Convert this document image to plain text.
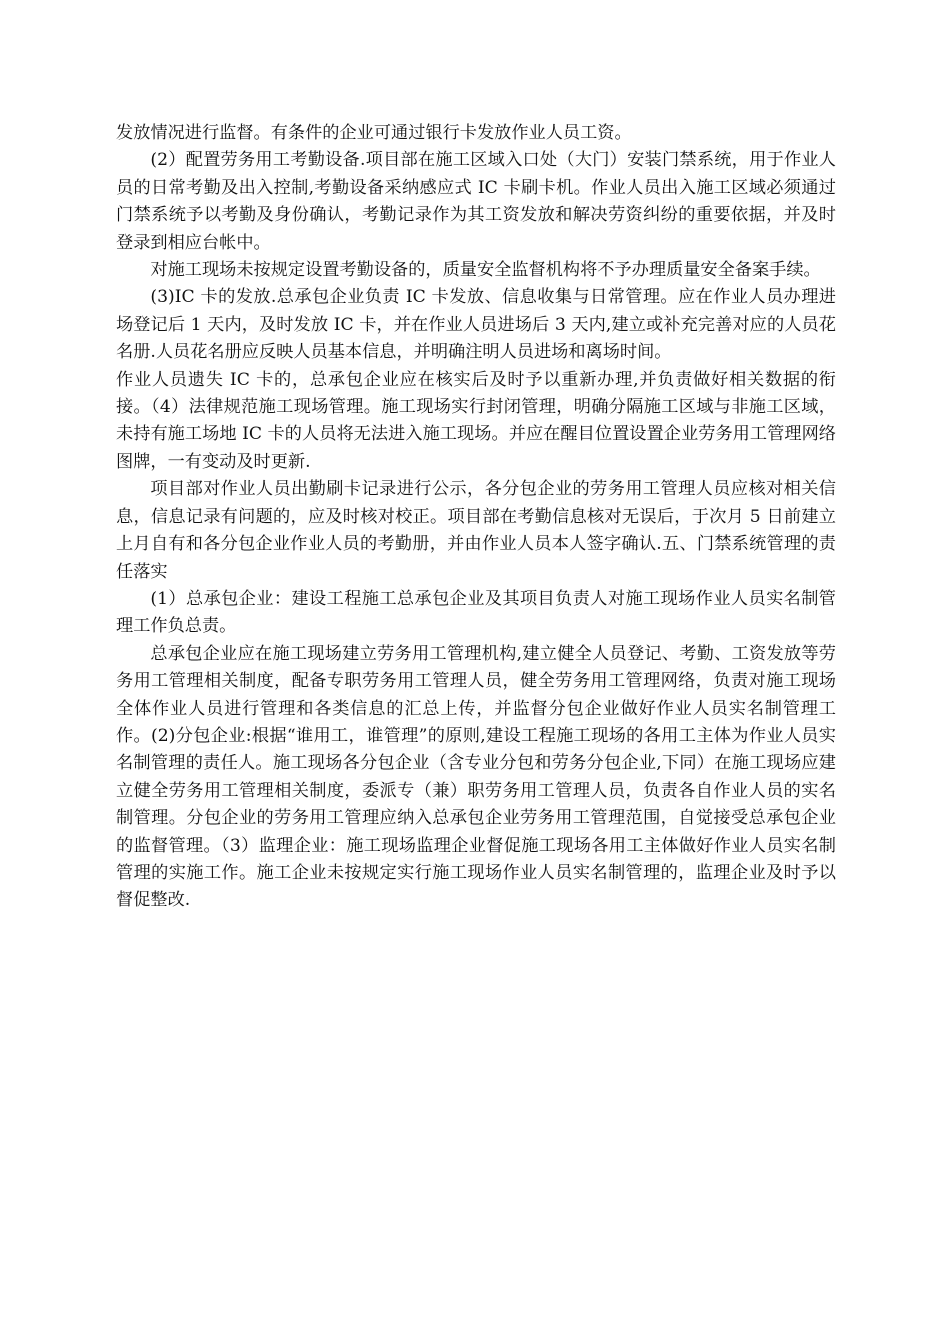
发放情况进行监督。有条件的企业可通过银行卡发放作业人员工资。

(2）配置劳务用工考勤设备.项目部在施工区域入口处（大门）安装门禁系统，用于作业人员的日常考勤及出入控制,考勤设备采纳感应式 IC 卡刷卡机。作业人员出入施工区域必须通过门禁系统予以考勤及身份确认，考勤记录作为其工资发放和解决劳资纠纷的重要依据，并及时登录到相应台帐中。

对施工现场未按规定设置考勤设备的，质量安全监督机构将不予办理质量安全备案手续。

(3)IC 卡的发放.总承包企业负责 IC 卡发放、信息收集与日常管理。应在作业人员办理进场登记后 1 天内，及时发放 IC 卡，并在作业人员进场后 3 天内,建立或补充完善对应的人员花名册.人员花名册应反映人员基本信息，并明确注明人员进场和离场时间。

作业人员遗失 IC 卡的，总承包企业应在核实后及时予以重新办理,并负责做好相关数据的衔接。（4）法律规范施工现场管理。施工现场实行封闭管理，明确分隔施工区域与非施工区域，未持有施工场地 IC 卡的人员将无法进入施工现场。并应在醒目位置设置企业劳务用工管理网络图牌，一有变动及时更新.

项目部对作业人员出勤刷卡记录进行公示，各分包企业的劳务用工管理人员应核对相关信息，信息记录有问题的，应及时核对校正。项目部在考勤信息核对无误后，于次月 5 日前建立上月自有和各分包企业作业人员的考勤册，并由作业人员本人签字确认.五、门禁系统管理的责任落实

(1）总承包企业：建设工程施工总承包企业及其项目负责人对施工现场作业人员实名制管理工作负总责。

总承包企业应在施工现场建立劳务用工管理机构,建立健全人员登记、考勤、工资发放等劳务用工管理相关制度，配备专职劳务用工管理人员，健全劳务用工管理网络，负责对施工现场全体作业人员进行管理和各类信息的汇总上传，并监督分包企业做好作业人员实名制管理工作。(2)分包企业:根据“谁用工，谁管理”的原则,建设工程施工现场的各用工主体为作业人员实名制管理的责任人。施工现场各分包企业（含专业分包和劳务分包企业,下同）在施工现场应建立健全劳务用工管理相关制度，委派专（兼）职劳务用工管理人员，负责各自作业人员的实名制管理。分包企业的劳务用工管理应纳入总承包企业劳务用工管理范围，自觉接受总承包企业的监督管理。（3）监理企业：施工现场监理企业督促施工现场各用工主体做好作业人员实名制管理的实施工作。施工企业未按规定实行施工现场作业人员实名制管理的，监理企业及时予以督促整改.
